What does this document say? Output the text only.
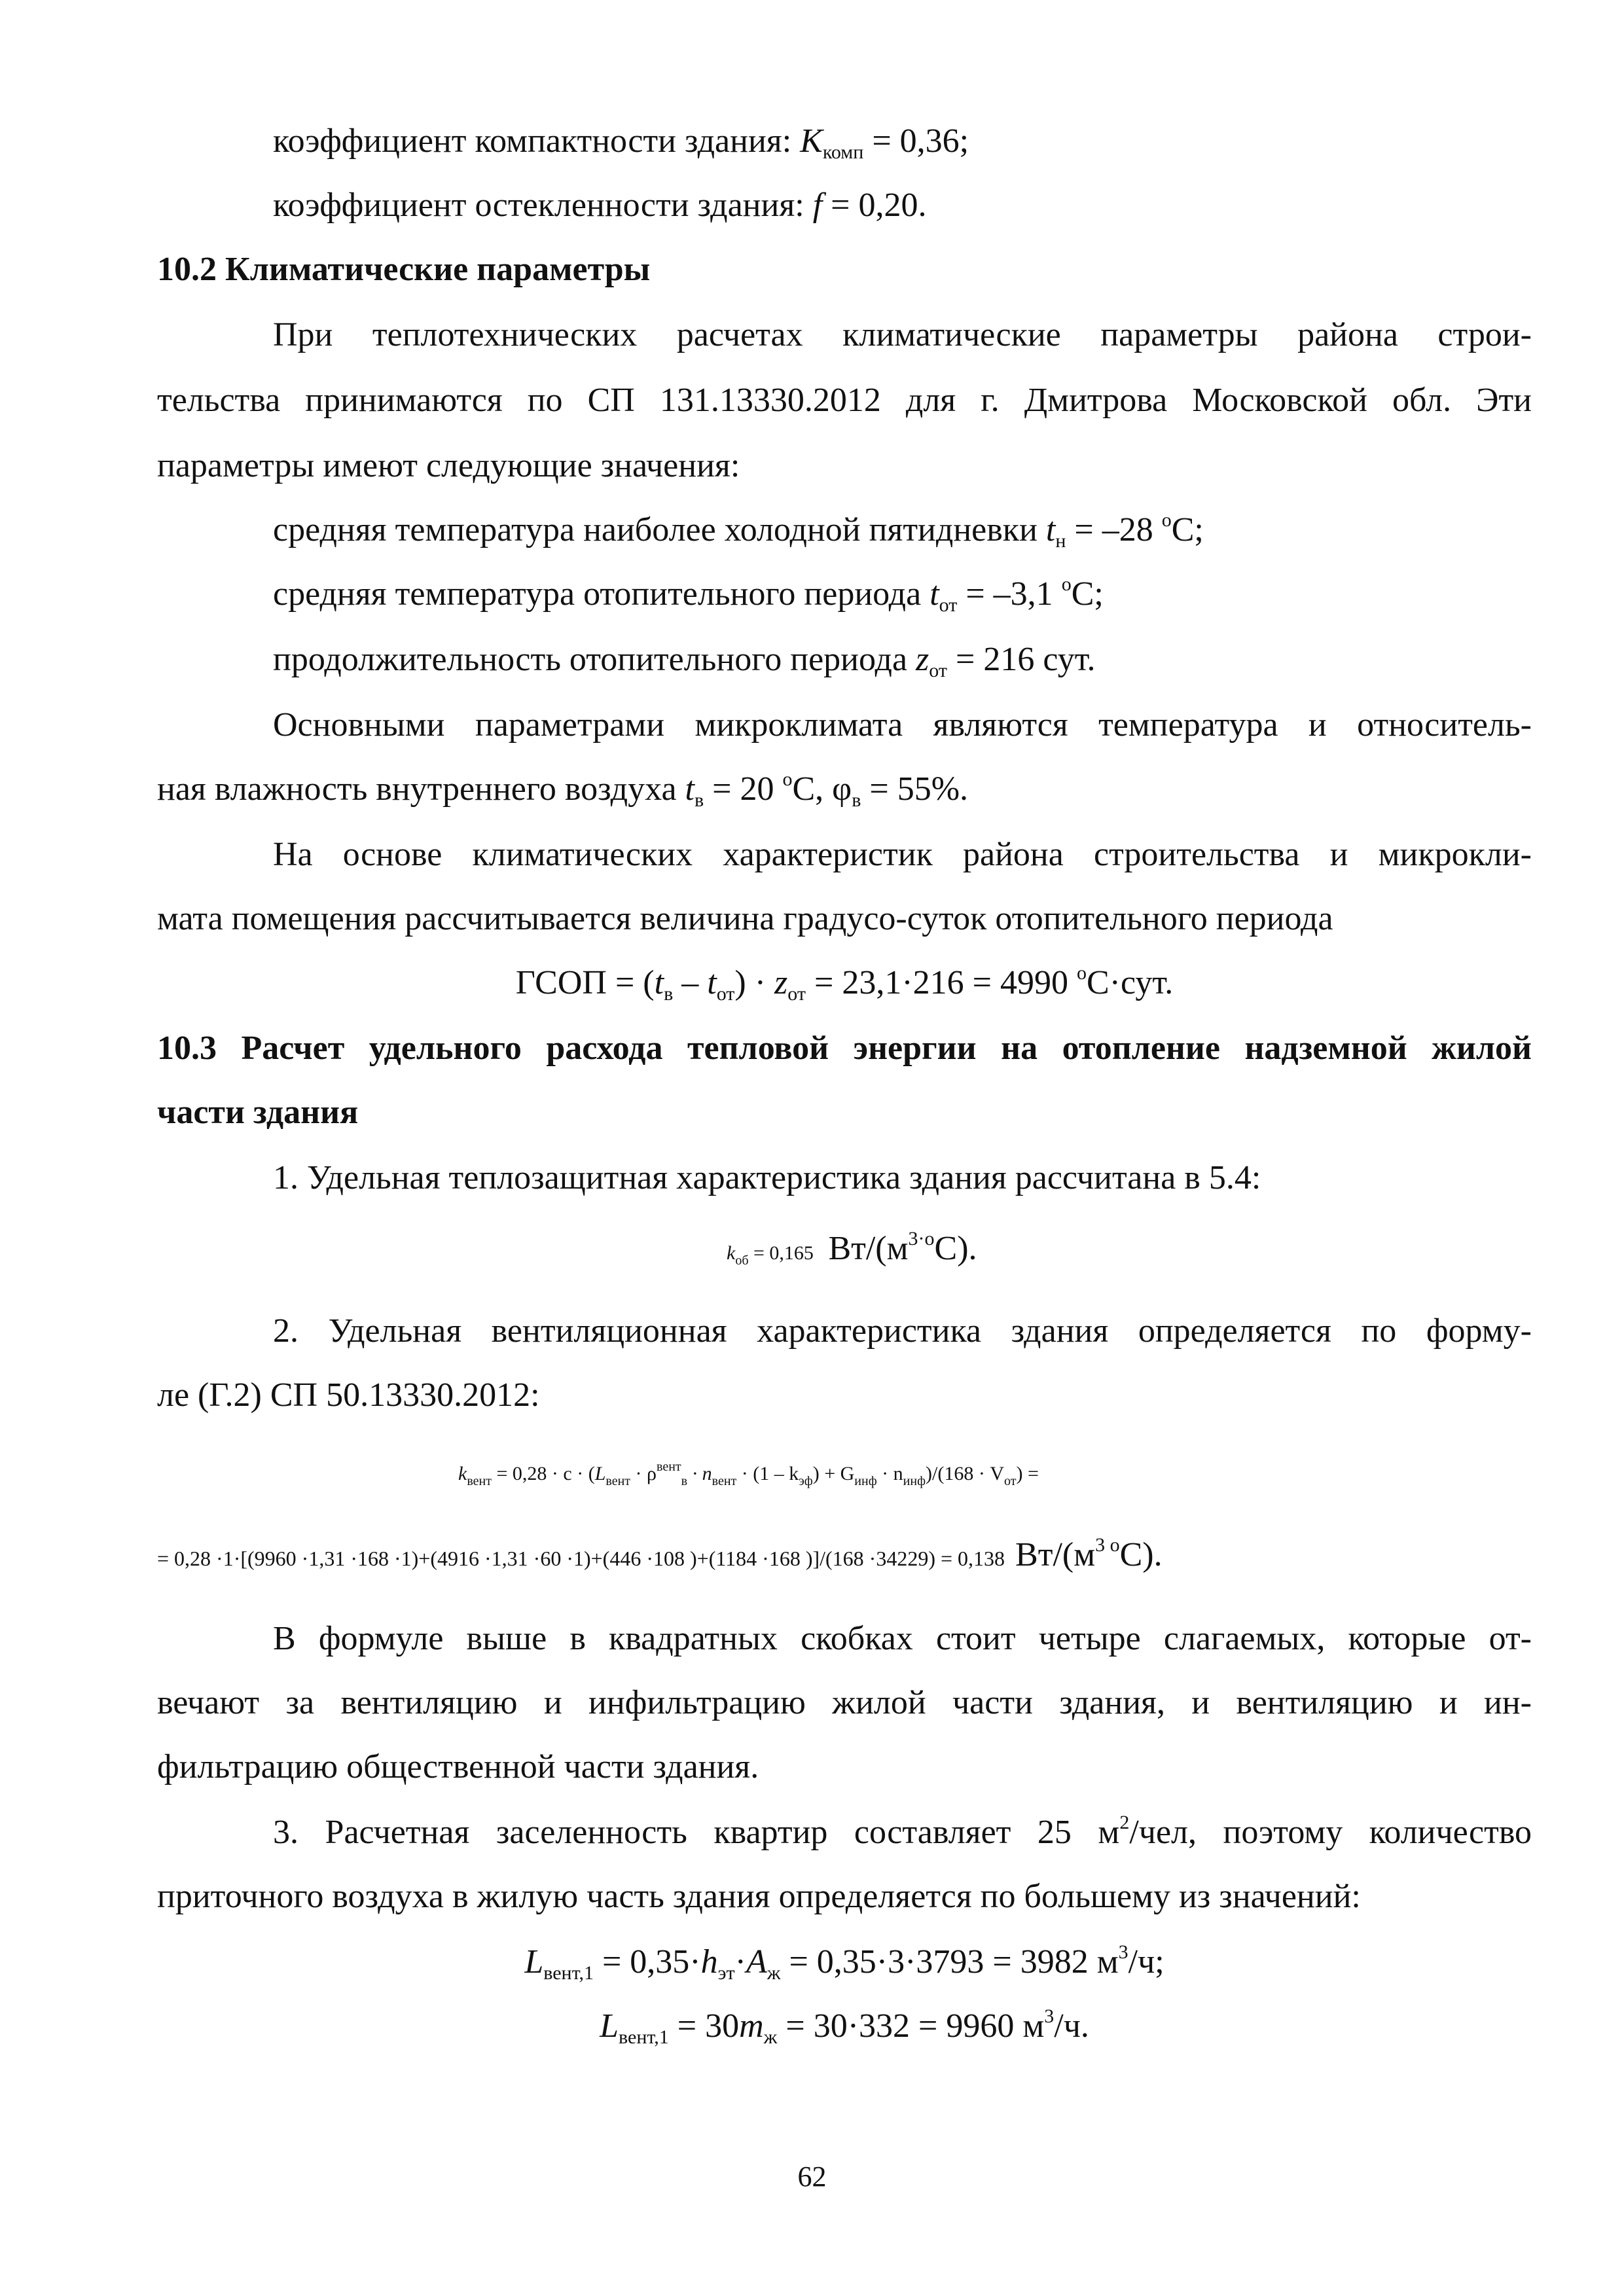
коэффициент компактности здания: $K_{комп} = 0,36$;
коэффициент остекленности здания: f = 0,20.
10.2 Климатические параметры
При теплотехнических расчетах климатические параметры района строи-
тельства принимаются по СП 131.13330.2012 для г. Дмитрова Московской обл. Эти
параметры имеют следующие значения:
средняя температура наиболее холодной пятидневки $t_н = -28$ $^o$C;
средняя температура отопительного периода $t_{от} = -3,1$ $^o$C;
продолжительность отопительного периода $z_{от} = 216$ сут.
Основными параметрами микроклимата являются температура и относитель-
ная влажность внутреннего воздуха $t_в = 20$ $^o$С, $\varphi_в = 55\%$.
На основе климатических характеристик района строительства и микрокли-
мата помещения рассчитывается величина градусо-суток отопительного периода
ГСОП = $(t_в - t_{от}) \cdot z_{от} = 23,1\cdot 216 = 4990$ $^o$С·сут.
10.3 Расчет удельного расхода тепловой энергии на отопление надземной жилой
части здания
1. Удельная теплозащитная характеристика здания рассчитана в 5.4:
$k_{об} = 0,165$ $Вт/(м^{3\cdot o}С)$.
2. Удельная вентиляционная характеристика здания определяется по форму-
ле (Г.2) СП 50.13330.2012:
$k_{вент} = 0,28 \cdot c \cdot (L_{вент} \cdot \rho^{вент}_в \cdot n_{вент} \cdot (1 - k_{эф}) + G_{инф} \cdot n_{инф})/(168 \cdot V_{от})$ =
= 0,28 ·1·[(9960 ·1,31 ·168 ·1)+(4916 ·1,31 ·60 ·1)+(446 ·108 )+(1184 ·168 )]/(168 ·34229) = 0,138 $Вт/(м^{3 o}С)$.
В формуле выше в квадратных скобках стоит четыре слагаемых, которые от-
вечают за вентиляцию и инфильтрацию жилой части здания, и вентиляцию и ин-
фильтрацию общественной части здания.
3. Расчетная заселенность квартир составляет 25 $м^2$/чел, поэтому количество
приточного воздуха в жилую часть здания определяется по большему из значений:
$L_{вент,1} = 0,35\cdot h_{эт}\cdot A_ж = 0,35\cdot 3\cdot 3793 = 3982$ $м^3/ч$;
$L_{вент,1} = 30m_ж = 30\cdot 332 = 9960$ $м^3/ч$.
62
